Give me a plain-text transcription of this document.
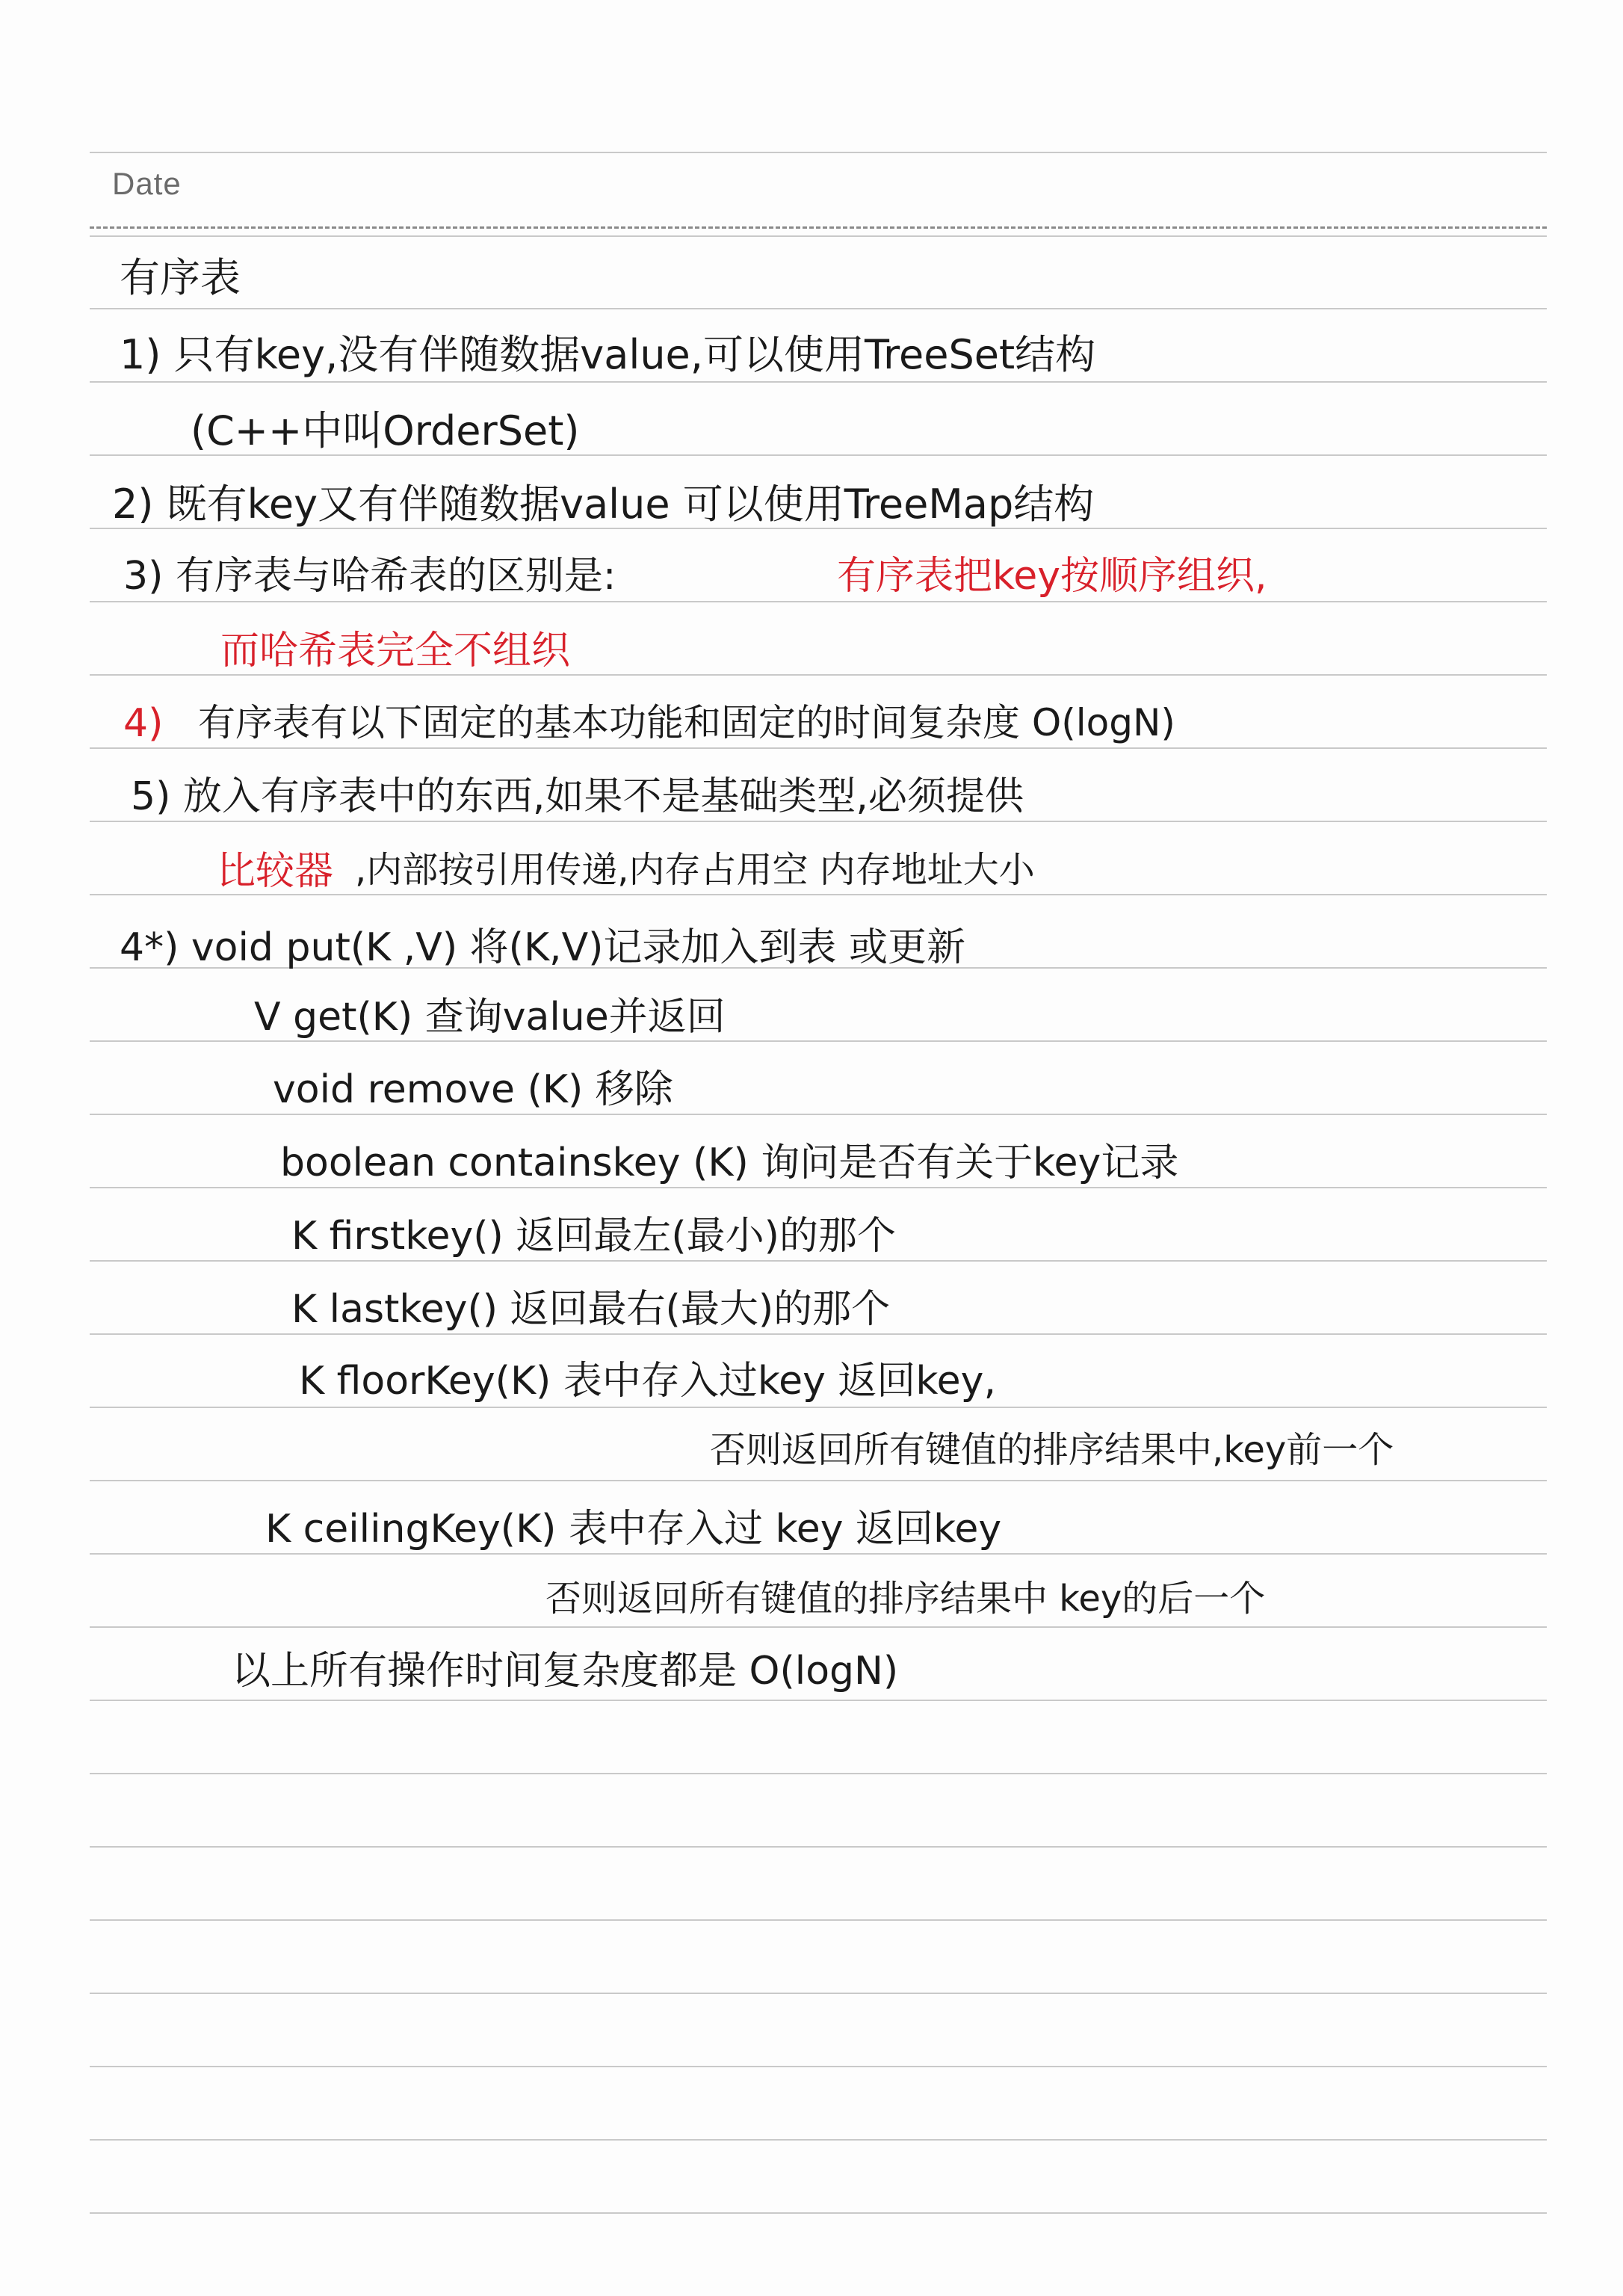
Date
有序表
1) 只有key,没有伴随数据value,可以使用TreeSet结构
(C++中叫OrderSet)
2) 既有key又有伴随数据value 可以使用TreeMap结构
3) 有序表与哈希表的区别是:	有序表把key按顺序组织,
而哈希表完全不组织
4) 有序表有以下固定的基本功能和固定的时间复杂度 O(logN)
5) 放入有序表中的东西,如果不是基础类型,必须提供
比较器 ,内部按引用传递,内存占用空 内存地址大小
4*) void put(K ,V) 将(K,V)记录加入到表 或更新
V get(K) 查询value并返回
void remove (K) 移除
boolean containskey (K) 询问是否有关于key记录
K firstkey() 返回最左(最小)的那个
K lastkey() 返回最右(最大)的那个
K floorKey(K) 表中存入过key 返回key,
否则返回所有键值的排序结果中,key前一个
K ceilingKey(K) 表中存入过 key 返回key
否则返回所有键值的排序结果中 key的后一个
以上所有操作时间复杂度都是 O(logN)
